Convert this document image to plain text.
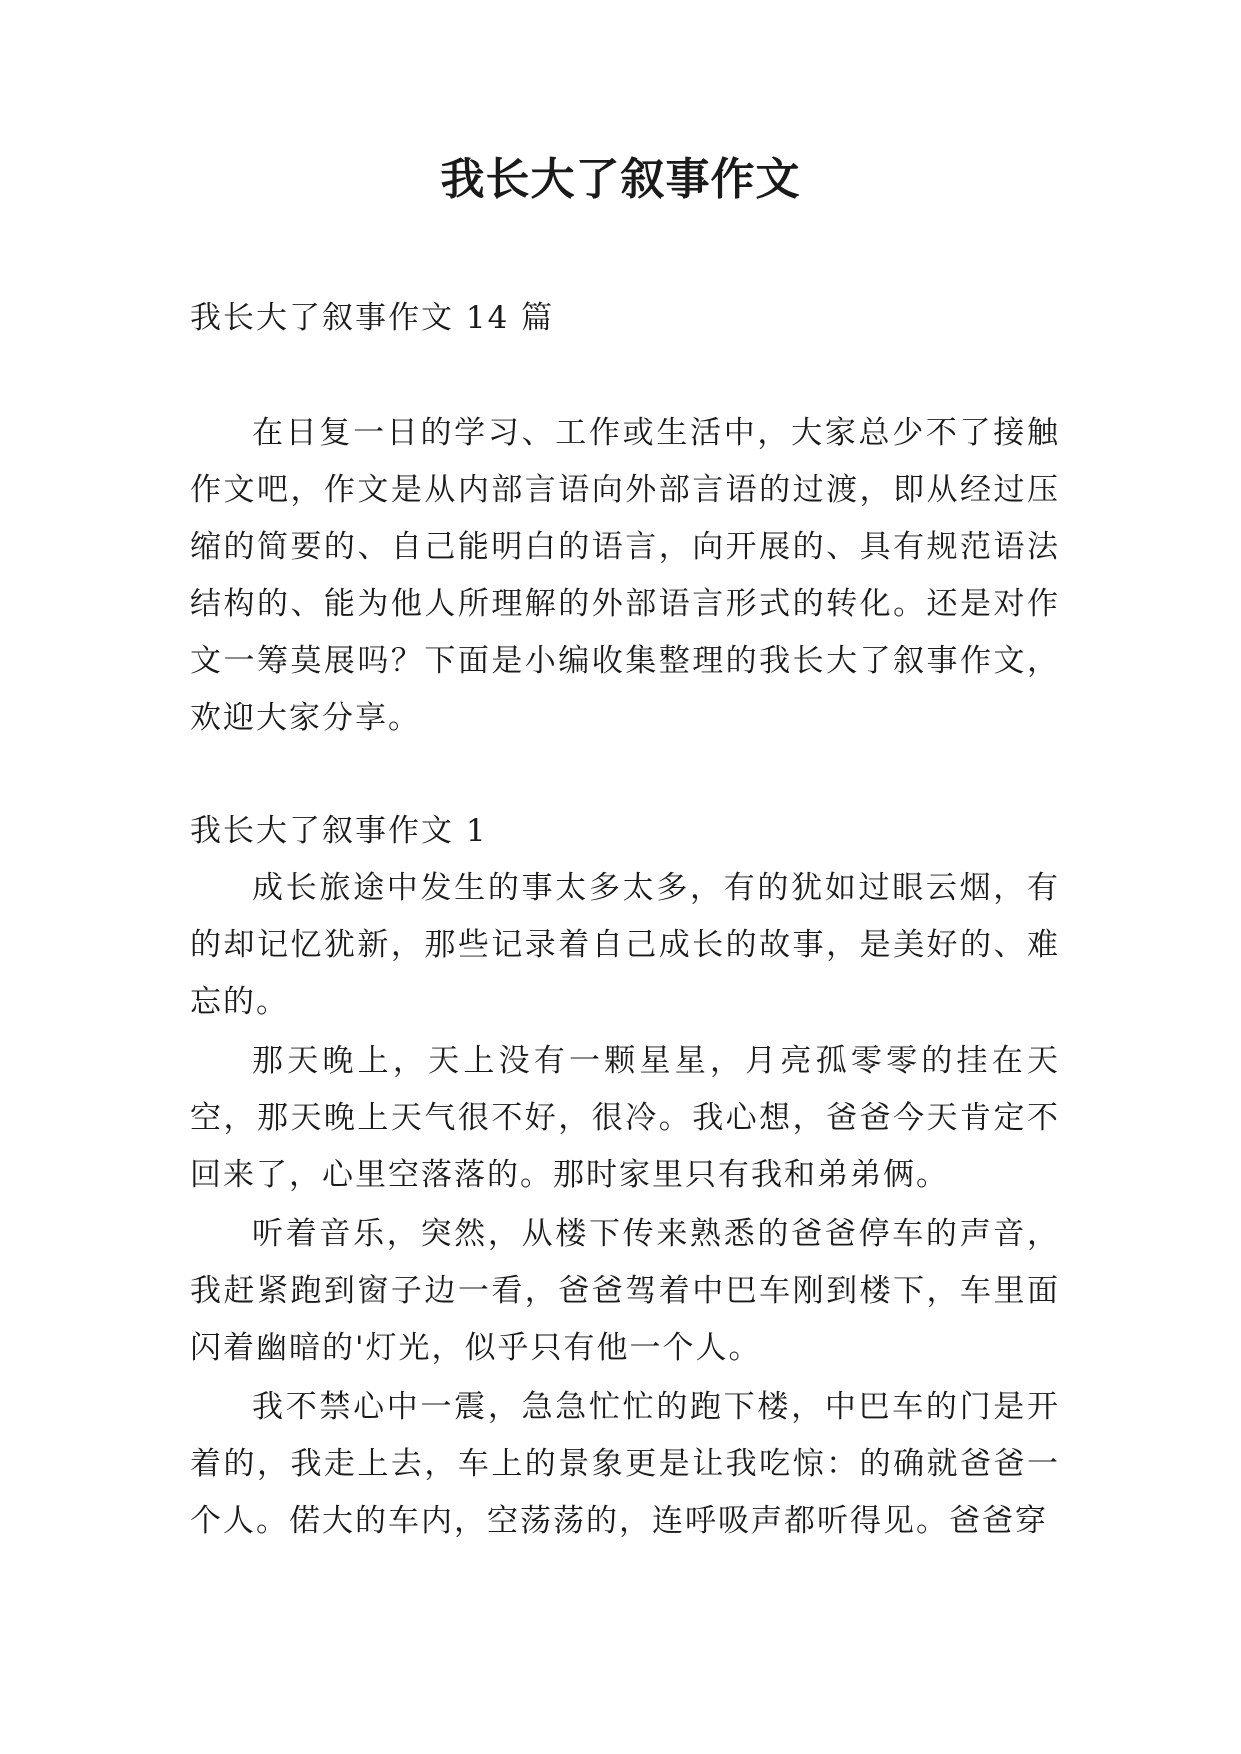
我长大了叙事作文

我长大了叙事作文 14 篇

在日复一日的学习、工作或生活中，大家总少不了接触作文吧，作文是从内部言语向外部言语的过渡，即从经过压缩的简要的、自己能明白的语言，向开展的、具有规范语法结构的、能为他人所理解的外部语言形式的转化。还是对作文一筹莫展吗？下面是小编收集整理的我长大了叙事作文，欢迎大家分享。

我长大了叙事作文 1

成长旅途中发生的事太多太多，有的犹如过眼云烟，有的却记忆犹新，那些记录着自己成长的故事，是美好的、难忘的。

那天晚上，天上没有一颗星星，月亮孤零零的挂在天空，那天晚上天气很不好，很冷。我心想，爸爸今天肯定不回来了，心里空落落的。那时家里只有我和弟弟俩。

听着音乐，突然，从楼下传来熟悉的爸爸停车的声音，我赶紧跑到窗子边一看，爸爸驾着中巴车刚到楼下，车里面闪着幽暗的'灯光，似乎只有他一个人。

我不禁心中一震，急急忙忙的跑下楼，中巴车的门是开着的，我走上去，车上的景象更是让我吃惊：的确就爸爸一个人。偌大的车内，空荡荡的，连呼吸声都听得见。爸爸穿
